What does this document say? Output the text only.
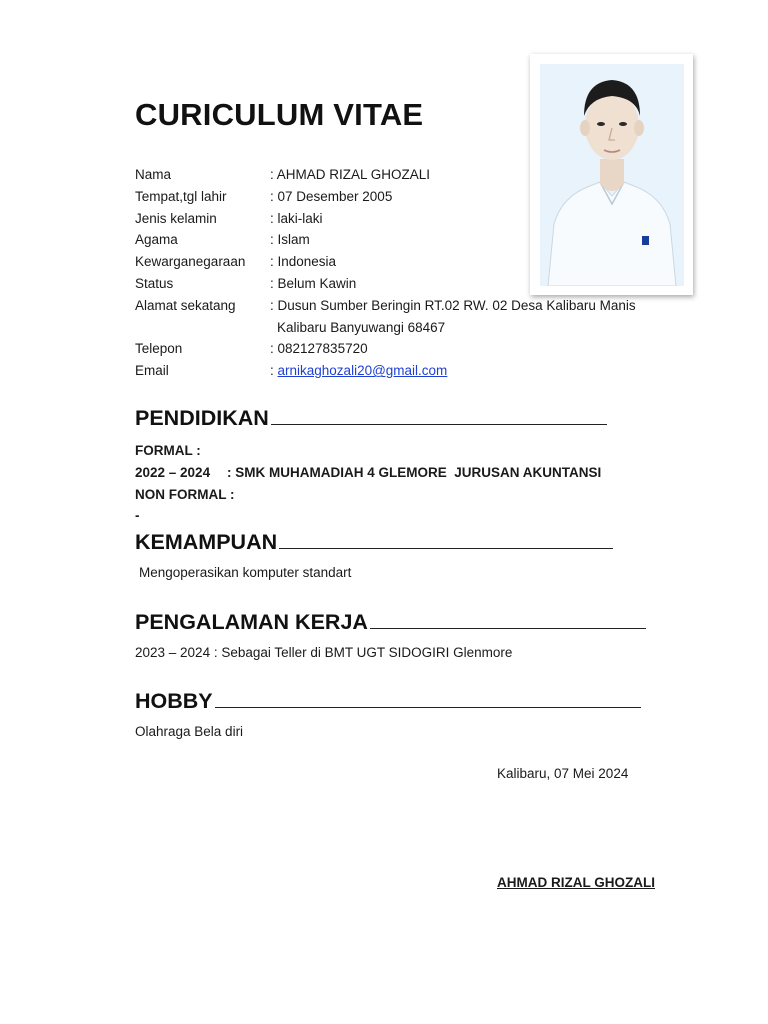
CURICULUM VITAE
Nama	: AHMAD RIZAL GHOZALI
Tempat,tgl lahir	: 07 Desember 2005
Jenis kelamin	: laki-laki
Agama	: Islam
Kewarganegaraan	: Indonesia
Status	: Belum Kawin
Alamat sekatang	: Dusun Sumber Beringin RT.02 RW. 02 Desa Kalibaru Manis
Kalibaru Banyuwangi 68467
Telepon	: 082127835720
Email	: arnikaghozali20@gmail.com
PENDIDIKAN
FORMAL :
2022 – 2024 : SMK MUHAMADIAH 4 GLEMORE  JURUSAN AKUNTANSI
NON FORMAL :
-
KEMAMPUAN
Mengoperasikan komputer standart
PENGALAMAN KERJA
2023 – 2024 : Sebagai Teller di BMT UGT SIDOGIRI Glenmore
HOBBY
Olahraga Bela diri
Kalibaru, 07 Mei 2024
AHMAD RIZAL GHOZALI
